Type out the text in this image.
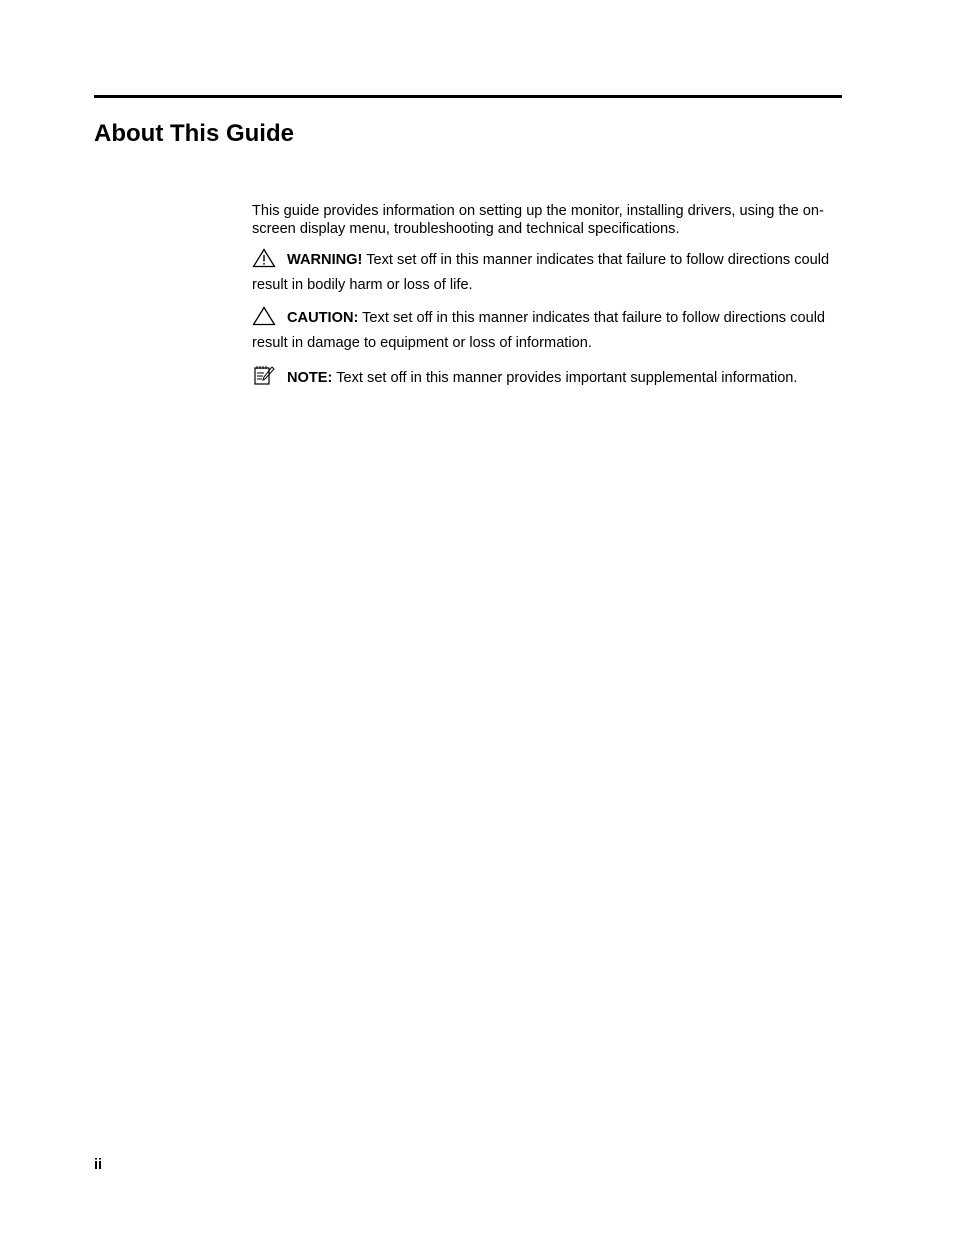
About This Guide

This guide provides information on setting up the monitor, installing drivers, using the on-screen display menu, troubleshooting and technical specifications.

WARNING! Text set off in this manner indicates that failure to follow directions could result in bodily harm or loss of life.

CAUTION: Text set off in this manner indicates that failure to follow directions could result in damage to equipment or loss of information.

NOTE: Text set off in this manner provides important supplemental information.

ii
